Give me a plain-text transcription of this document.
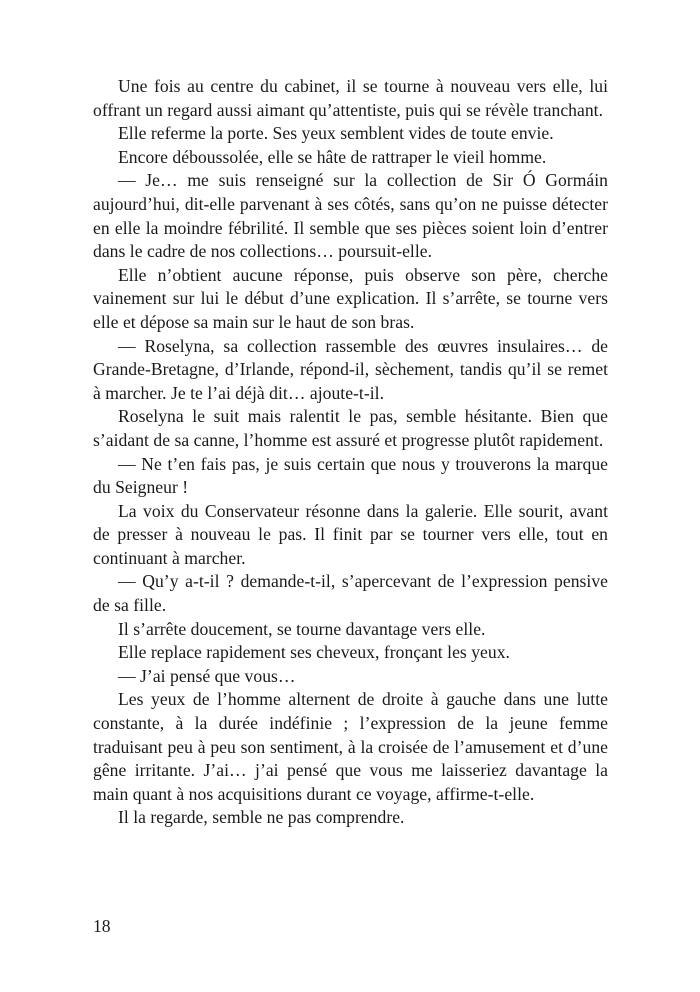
Une fois au centre du cabinet, il se tourne à nouveau vers elle, lui offrant un regard aussi aimant qu’attentiste, puis qui se révèle tranchant.

Elle referme la porte. Ses yeux semblent vides de toute envie.

Encore déboussolée, elle se hâte de rattraper le vieil homme.

— Je… me suis renseigné sur la collection de Sir Ó Gormáin aujourd’hui, dit-elle parvenant à ses côtés, sans qu’on ne puisse détecter en elle la moindre fébrilité. Il semble que ses pièces soient loin d’entrer dans le cadre de nos collections… poursuit-elle.

Elle n’obtient aucune réponse, puis observe son père, cherche vainement sur lui le début d’une explication. Il s’arrête, se tourne vers elle et dépose sa main sur le haut de son bras.

— Roselyna, sa collection rassemble des œuvres insulaires… de Grande-Bretagne, d’Irlande, répond-il, sèchement, tandis qu’il se remet à marcher. Je te l’ai déjà dit… ajoute-t-il.

Roselyna le suit mais ralentit le pas, semble hésitante. Bien que s’aidant de sa canne, l’homme est assuré et progresse plutôt rapidement.

— Ne t’en fais pas, je suis certain que nous y trouverons la marque du Seigneur !

La voix du Conservateur résonne dans la galerie. Elle sourit, avant de presser à nouveau le pas. Il finit par se tourner vers elle, tout en continuant à marcher.

— Qu’y a-t-il ? demande-t-il, s’apercevant de l’expression pensive de sa fille.

Il s’arrête doucement, se tourne davantage vers elle.

Elle replace rapidement ses cheveux, fronçant les yeux.

— J’ai pensé que vous…

Les yeux de l’homme alternent de droite à gauche dans une lutte constante, à la durée indéfinie ; l’expression de la jeune femme traduisant peu à peu son sentiment, à la croisée de l’amusement et d’une gêne irritante. J’ai… j’ai pensé que vous me laisseriez davantage la main quant à nos acquisitions durant ce voyage, affirme-t-elle.

Il la regarde, semble ne pas comprendre.

18
